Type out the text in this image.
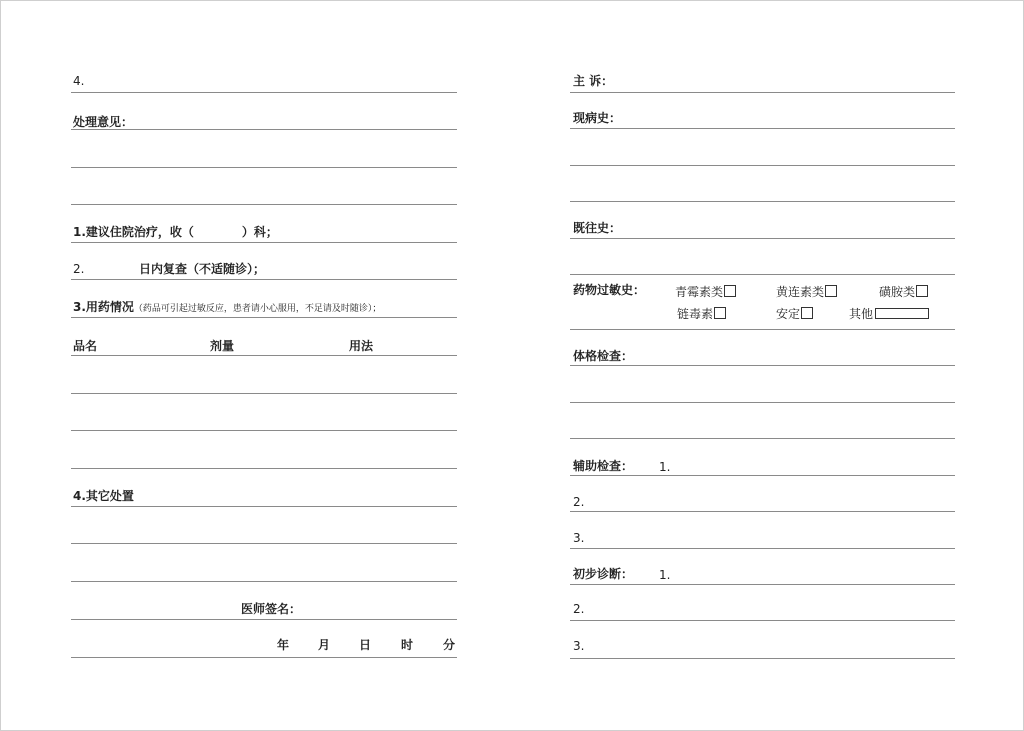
4.
处理意见：
1.建议住院治疗，收（	）科；
2.	日内复查（不适随诊）；
3.用药情况（药品可引起过敏反应，患者请小心服用，不足请及时随诊）；
品名	剂量	用法
4.其它处置
医师签名：
年 月 日 时 分
主 诉：
现病史：
既往史：
药物过敏史： 青霉素类	黄连素类	磺胺类
链毒素	安定	其他
体格检查：
辅助检查： 1.
2.
3.
初步诊断： 1.
2.
3.
